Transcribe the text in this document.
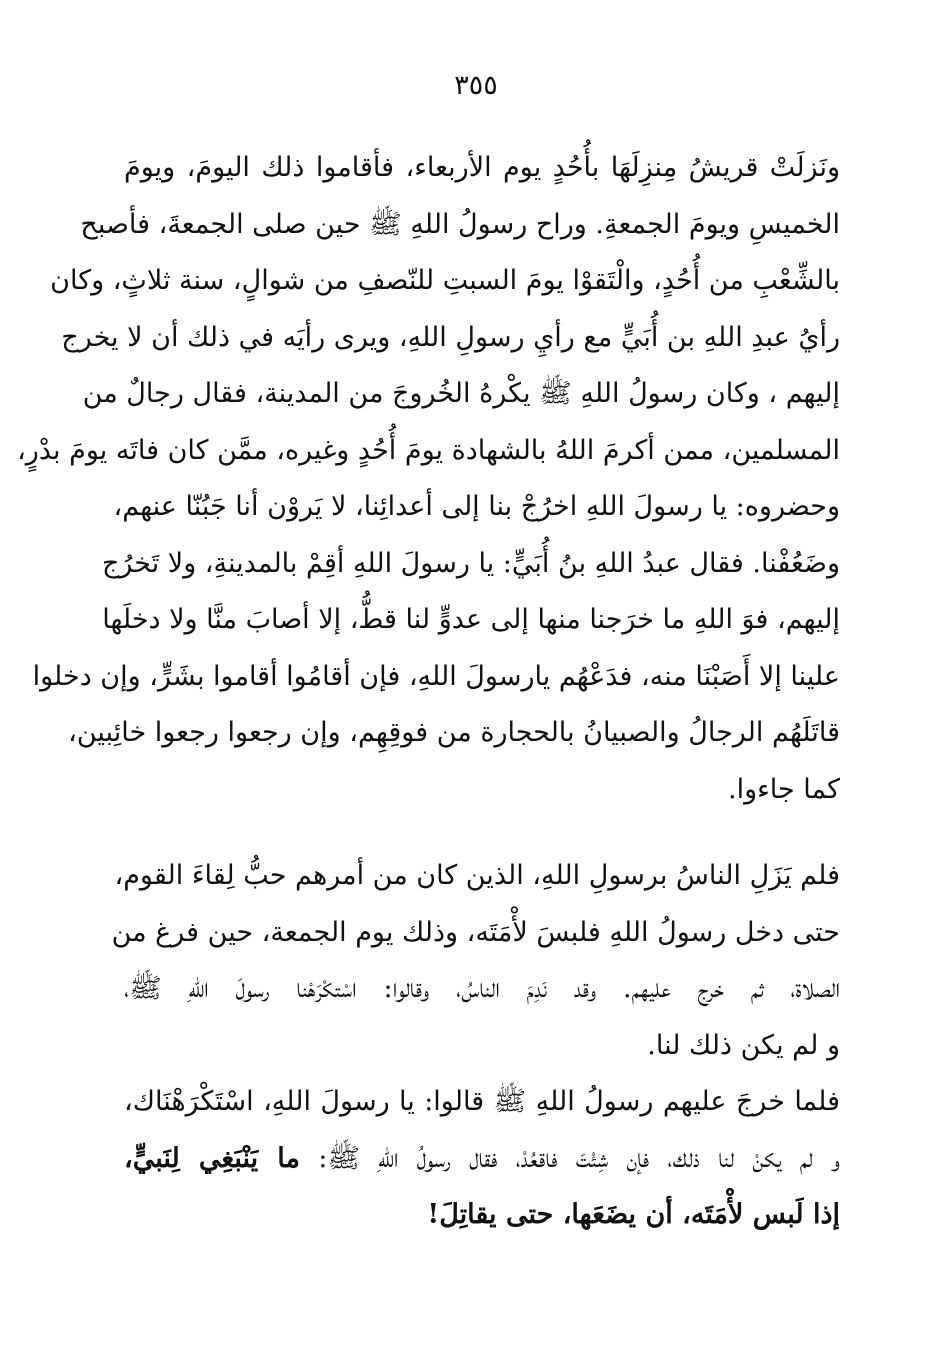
٣٥٥
ونَزلَتْ قريشُ مِنزِلَهَا بأُحُدٍ يوم الأربعاء، فأقاموا ذلك اليومَ، ويومَ
الخميسِ ويومَ الجمعةِ. وراح رسولُ اللهِ ﷺ حين صلى الجمعةَ، فأصبح
بالشِّعْبِ من أُحُدٍ، والْتَقوْا يومَ السبتِ للنّصفِ من شوالٍ، سنة ثلاثٍ، وكان
رأيُ عبدِ اللهِ بن أُبَيٍّ مع رأيِ رسولِ اللهِ، ويرى رأيَه في ذلك أن لا يخرج
إليهم ، وكان رسولُ اللهِ ﷺ يكْرهُ الخُروجَ من المدينة، فقال رجالٌ من
المسلمين، ممن أكرمَ اللهُ بالشهادة يومَ أُحُدٍ وغيره، ممَّن كان فاتَه يومَ بدْرٍ،
وحضروه: يا رسولَ اللهِ اخرُجْ بنا إلى أعدائِنا، لا يَروْن أنا جَبُنّا عنهم،
وضَعُفْنا. فقال عبدُ اللهِ بنُ أُبَيٍّ: يا رسولَ اللهِ أقِمْ بالمدينةِ، ولا تَخرُج
إليهم، فوَ اللهِ ما خرَجنا منها إلى عدوٍّ لنا قطُّ، إلا أصابَ منَّا ولا دخلَها
علينا إلا أَصَبْنَا منه، فدَعْهُم يارسولَ اللهِ، فإن أقامُوا أقاموا بشَرٍّ، وإن دخلوا
قاتَلَهُم الرجالُ والصبيانُ بالحجارة من فوقِهِم، وإن رجعوا رجعوا خائِبين،
كما جاءوا.
فلم يَزَلِ الناسُ برسولِ اللهِ، الذين كان من أمرهم حبُّ لِقاءَ القوم،
حتى دخل رسولُ اللهِ فلبسَ لأْمَتَه، وذلك يوم الجمعة، حين فرغ من
الصلاة، ثم خرج عليهم. وقد نَدِمَ الناسُ، وقالوا: اسْتكْرَهْنا رسولَ اللهِ ﷺ،
و لم يكن ذلك لنا.
فلما خرجَ عليهم رسولُ اللهِ ﷺ قالوا: يا رسولَ اللهِ، اسْتَكْرَهْنَاك،
و لم يكنْ لنا ذلك، فإن شِئْتَ فاقعُدْ، فقال رسولُ اللهِ ﷺ: ما يَنْبَغِي لِنَبيٍّ،
إذا لَبس لأْمَتَه، أن يضَعَها، حتى يقاتِلَ!
